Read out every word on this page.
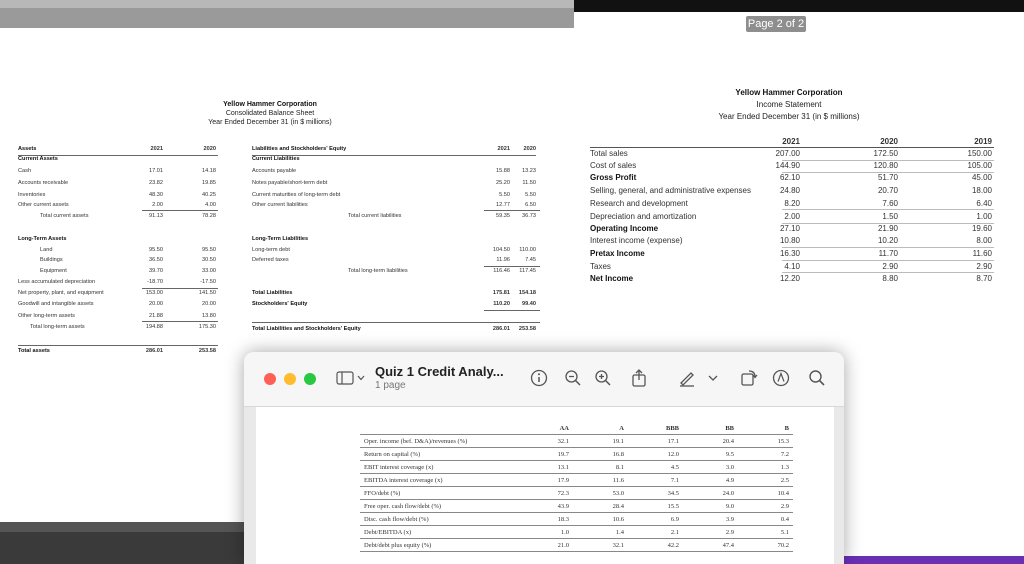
Yellow Hammer Corporation
Consolidated Balance Sheet
Year Ended December 31 (in $ millions)
Assets	2021	2020	Liabilities and Stockholders' Equity	2021	2020
Current Assets
Cash	17.01	14.18
Accounts receivable	23.82	19.85
Inventories	48.30	40.25
Other current assets	2.00	4.00
Total current assets	91.13	78.28
Current Liabilities
Accounts payable	15.88	13.23
Notes payable/short-term debt	25.20	11.50
Current maturities of long-term debt	5.50	5.50
Other current liabilities	12.77	6.50
Total current liabilities	59.35	36.73
Long-Term Assets
Land	95.50	95.50
Buildings	36.50	30.50
Equipment	39.70	33.00
Less accumulated depreciation	-18.70	-17.50
Net property, plant, and equipment	153.00	141.50
Goodwill and intangible assets	20.00	20.00
Other long-term assets	21.88	13.80
Total long-term assets	194.88	175.30
Long-Term Liabilities
Long-term debt	104.50	110.00
Deferred taxes	11.96	7.45
Total long-term liabilities	116.46	117.45
Total Liabilities	175.81	154.18
Stockholders' Equity	110.20	99.40
Total Liabilities and Stockholders' Equity	286.01	253.58
Total assets	286.01	253.58
Page 2 of 2
Yellow Hammer Corporation
Income Statement
Year Ended December 31 (in $ millions)
2021	2020	2019
Total sales	207.00	172.50	150.00
Cost of sales	144.90	120.80	105.00
Gross Profit	62.10	51.70	45.00
Selling, general, and administrative expenses	24.80	20.70	18.00
Research and development	8.20	7.60	6.40
Depreciation and amortization	2.00	1.50	1.00
Operating Income	27.10	21.90	19.60
Interest income (expense)	10.80	10.20	8.00
Pretax Income	16.30	11.70	11.60
Taxes	4.10	2.90	2.90
Net Income	12.20	8.80	8.70
Quiz 1 Credit Analy...
1 page
	AA	A	BBB	BB	B
Oper. income (bef. D&A)/revenues (%)	32.1	19.1	17.1	20.4	15.3
Return on capital (%)	19.7	16.8	12.0	9.5	7.2
EBIT interest coverage (x)	13.1	8.1	4.5	3.0	1.3
EBITDA interest coverage (x)	17.9	11.6	7.1	4.9	2.5
FFO/debt (%)	72.3	53.0	34.5	24.0	10.4
Free oper. cash flow/debt (%)	43.9	28.4	15.5	9.0	2.9
Disc. cash flow/debt (%)	18.3	10.6	6.9	3.9	0.4
Debt/EBITDA (x)	1.0	1.4	2.1	2.9	5.1
Debt/debt plus equity (%)	21.0	32.1	42.2	47.4	70.2
